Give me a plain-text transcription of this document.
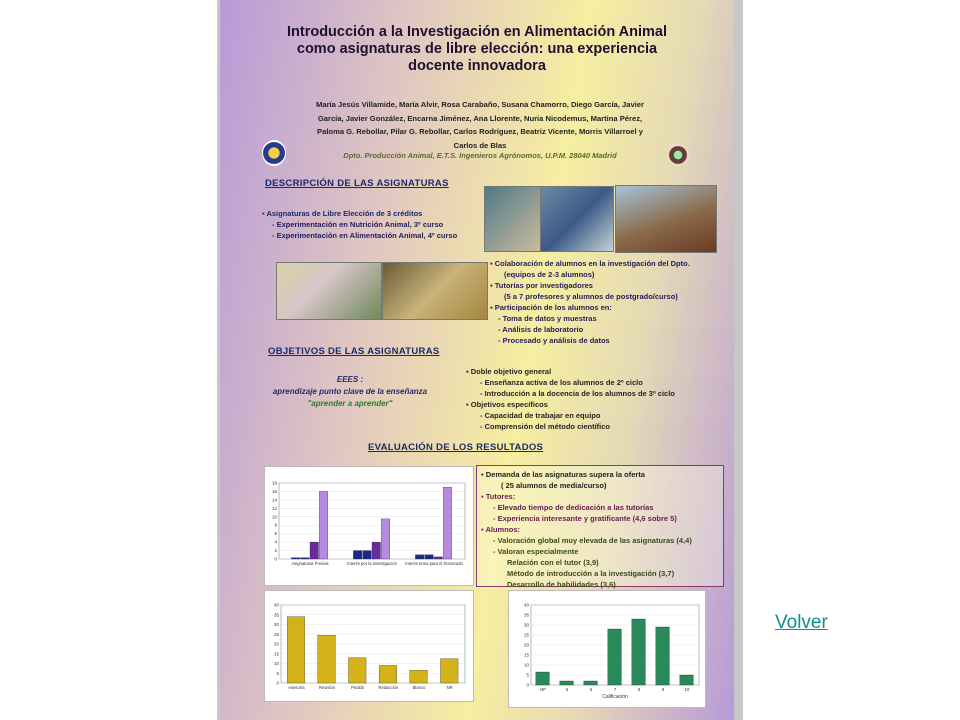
Introducción a la Investigación en Alimentación Animal
como asignaturas de libre elección: una experiencia
docente innovadora
María Jesús Villamide, María Alvir, Rosa Carabaño, Susana Chamorro, Diego García, Javier
García, Javier González, Encarna Jiménez, Ana Llorente, Nuria Nicodemus, Martina Pérez,
Paloma G. Rebollar, Pilar G. Rebollar, Carlos Rodríguez, Beatriz Vicente, Morris Villarroel y
Carlos de Blas
Dpto. Producción Animal, E.T.S. Ingenieros Agrónomos, U.P.M. 28040 Madrid
DESCRIPCIÓN DE LAS ASIGNATURAS
▪ Asignaturas de Libre Elección de 3 créditos
- Experimentación en Nutrición Animal, 3º curso
- Experimentación en Alimentación Animal, 4º curso
▪ Colaboración de alumnos en la investigación del Dpto.
(equipos de 2-3 alumnos)
▪ Tutorías por investigadores
(5 a 7 profesores y alumnos de postgrado/curso)
▪ Participación de los alumnos en:
- Toma de datos y muestras
- Análisis de laboratorio
- Procesado y análisis de datos
OBJETIVOS DE LAS ASIGNATURAS
EEES :
aprendizaje punto clave de la enseñanza
"aprender a aprender"
▪ Doble objetivo general
- Enseñanza activa de los alumnos de 2º ciclo
- Introducción a la docencia de los alumnos de 3º ciclo
▪ Objetivos específicos
- Capacidad de trabajar en equipo
- Comprensión del método científico
EVALUACIÓN DE LOS RESULTADOS
▪ Demanda de las asignaturas supera la oferta
( 25 alumnos de media/curso)
▪ Tutores:
- Elevado tiempo de dedicación a las tutorías
- Experiencia interesante y gratificante (4,6 sobre 5)
▪ Alumnos:
- Valoración global muy elevada de las asignaturas (4,4)
- Valoran especialmente
Relación con el tutor (3,9)
Método de introducción a la investigación (3,7)
Desarrollo de habilidades (3,6)
0
2
4
6
8
10
12
14
16
18
Asignaturas Previas	Interés por la investigación Interés tema para el Doctorado
0
5
10
15
20
25
30
35
40
Asesoría	Revisión	Pedido	Redacción	Blanco	NR	0
5
10
15
20
25
30
35
40
NP	5	6	7	8	9	10
Calificación
Volver
